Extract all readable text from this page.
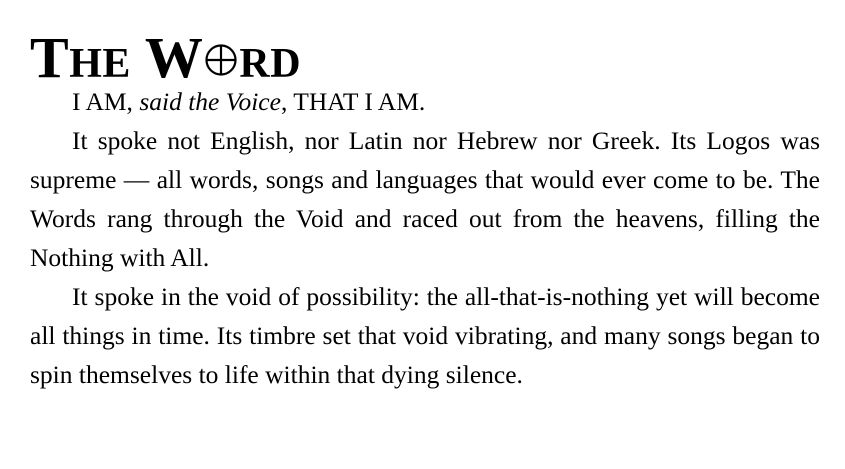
T HE W RD

I AM, said the Voice, THAT I AM.

It spoke not English, nor Latin nor Hebrew nor Greek. Its Logos was supreme — all words, songs and languages that would ever come to be. The Words rang through the Void and raced out from the heavens, filling the Nothing with All.

It spoke in the void of possibility: the all-that-is-nothing yet will become all things in time. Its timbre set that void vibrating, and many songs began to spin themselves to life within that dying silence.
